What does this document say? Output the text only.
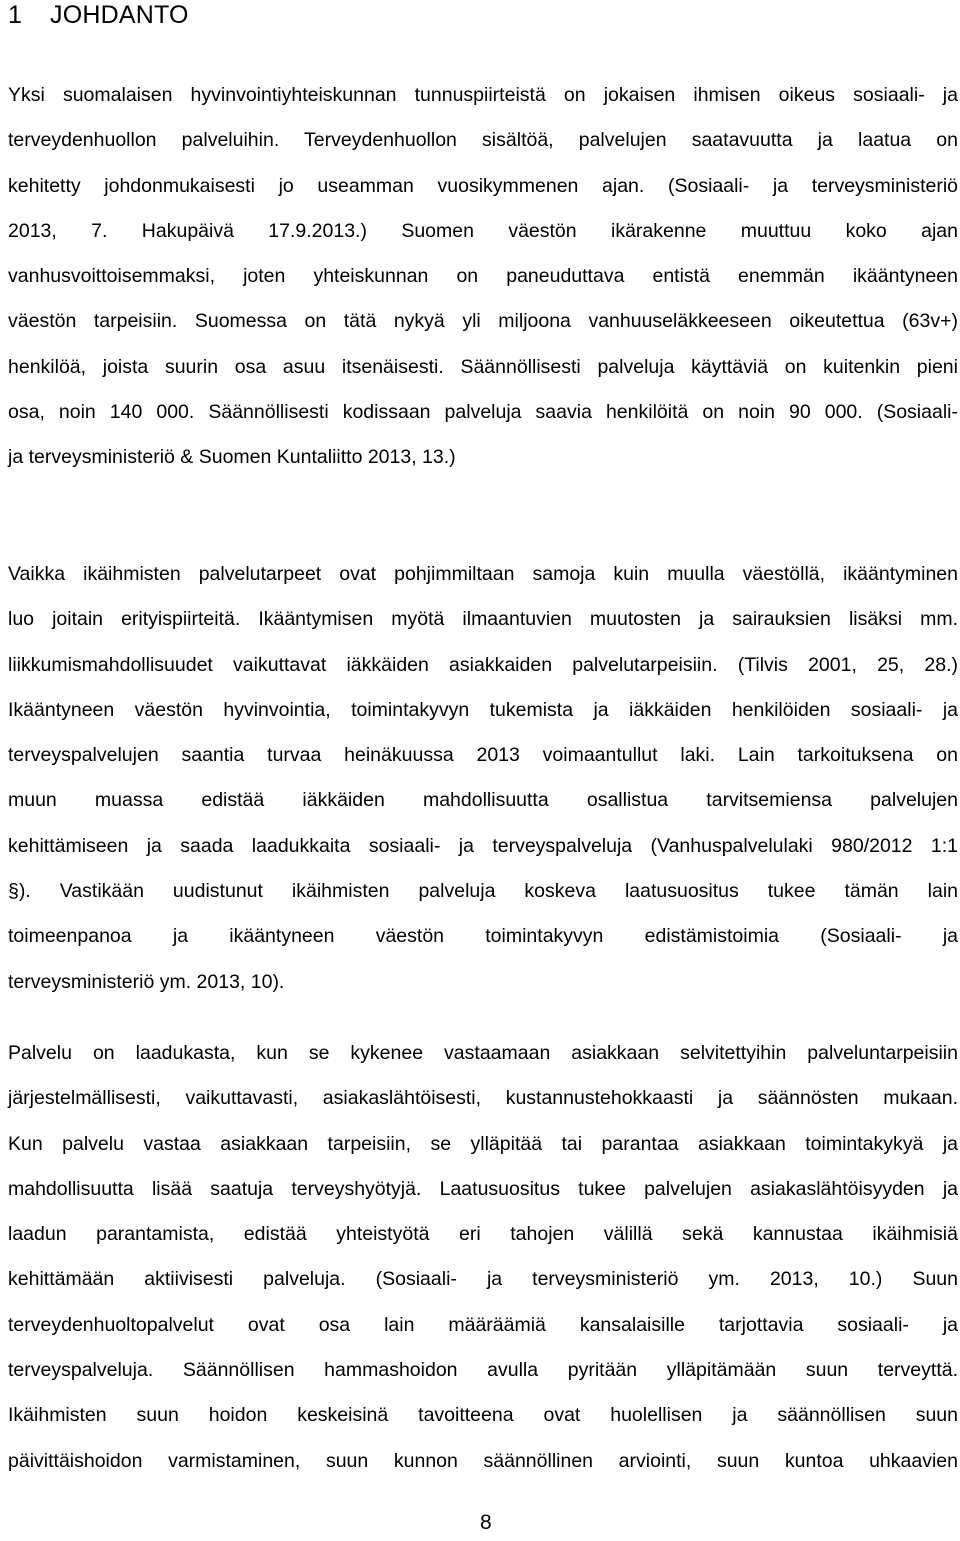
1 JOHDANTO
Yksi suomalaisen hyvinvointiyhteiskunnan tunnuspiirteistä on jokaisen ihmisen oikeus sosiaali- ja
terveydenhuollon palveluihin. Terveydenhuollon sisältöä, palvelujen saatavuutta ja laatua on
kehitetty johdonmukaisesti jo useamman vuosikymmenen ajan. (Sosiaali- ja terveysministeriö
2013, 7. Hakupäivä 17.9.2013.) Suomen väestön ikärakenne muuttuu koko ajan
vanhusvoittoisemmaksi, joten yhteiskunnan on paneuduttava entistä enemmän ikääntyneen
väestön tarpeisiin. Suomessa on tätä nykyä yli miljoona vanhuuseläkkeeseen oikeutettua (63v+)
henkilöä, joista suurin osa asuu itsenäisesti. Säännöllisesti palveluja käyttäviä on kuitenkin pieni
osa, noin 140 000. Säännöllisesti kodissaan palveluja saavia henkilöitä on noin 90 000. (Sosiaali-
ja terveysministeriö & Suomen Kuntaliitto 2013, 13.)
Vaikka ikäihmisten palvelutarpeet ovat pohjimmiltaan samoja kuin muulla väestöllä, ikääntyminen
luo joitain erityispiirteitä. Ikääntymisen myötä ilmaantuvien muutosten ja sairauksien lisäksi mm.
liikkumismahdollisuudet vaikuttavat iäkkäiden asiakkaiden palvelutarpeisiin. (Tilvis 2001, 25, 28.)
Ikääntyneen väestön hyvinvointia, toimintakyvyn tukemista ja iäkkäiden henkilöiden sosiaali- ja
terveyspalvelujen saantia turvaa heinäkuussa 2013 voimaantullut laki. Lain tarkoituksena on
muun muassa edistää iäkkäiden mahdollisuutta osallistua tarvitsemiensa palvelujen
kehittämiseen ja saada laadukkaita sosiaali- ja terveyspalveluja (Vanhuspalvelulaki 980/2012 1:1
§). Vastikään uudistunut ikäihmisten palveluja koskeva laatusuositus tukee tämän lain
toimeenpanoa ja ikääntyneen väestön toimintakyvyn edistämistoimia (Sosiaali- ja
terveysministeriö ym. 2013, 10).
Palvelu on laadukasta, kun se kykenee vastaamaan asiakkaan selvitettyihin palveluntarpeisiin
järjestelmällisesti, vaikuttavasti, asiakaslähtöisesti, kustannustehokkaasti ja säännösten mukaan.
Kun palvelu vastaa asiakkaan tarpeisiin, se ylläpitää tai parantaa asiakkaan toimintakykyä ja
mahdollisuutta lisää saatuja terveyshyötyjä. Laatusuositus tukee palvelujen asiakaslähtöisyyden ja
laadun parantamista, edistää yhteistyötä eri tahojen välillä sekä kannustaa ikäihmisiä
kehittämään aktiivisesti palveluja. (Sosiaali- ja terveysministeriö ym. 2013, 10.) Suun
terveydenhuoltopalvelut ovat osa lain määräämiä kansalaisille tarjottavia sosiaali- ja
terveyspalveluja. Säännöllisen hammashoidon avulla pyritään ylläpitämään suun terveyttä.
Ikäihmisten suun hoidon keskeisinä tavoitteena ovat huolellisen ja säännöllisen suun
päivittäishoidon varmistaminen, suun kunnon säännöllinen arviointi, suun kuntoa uhkaavien
8
